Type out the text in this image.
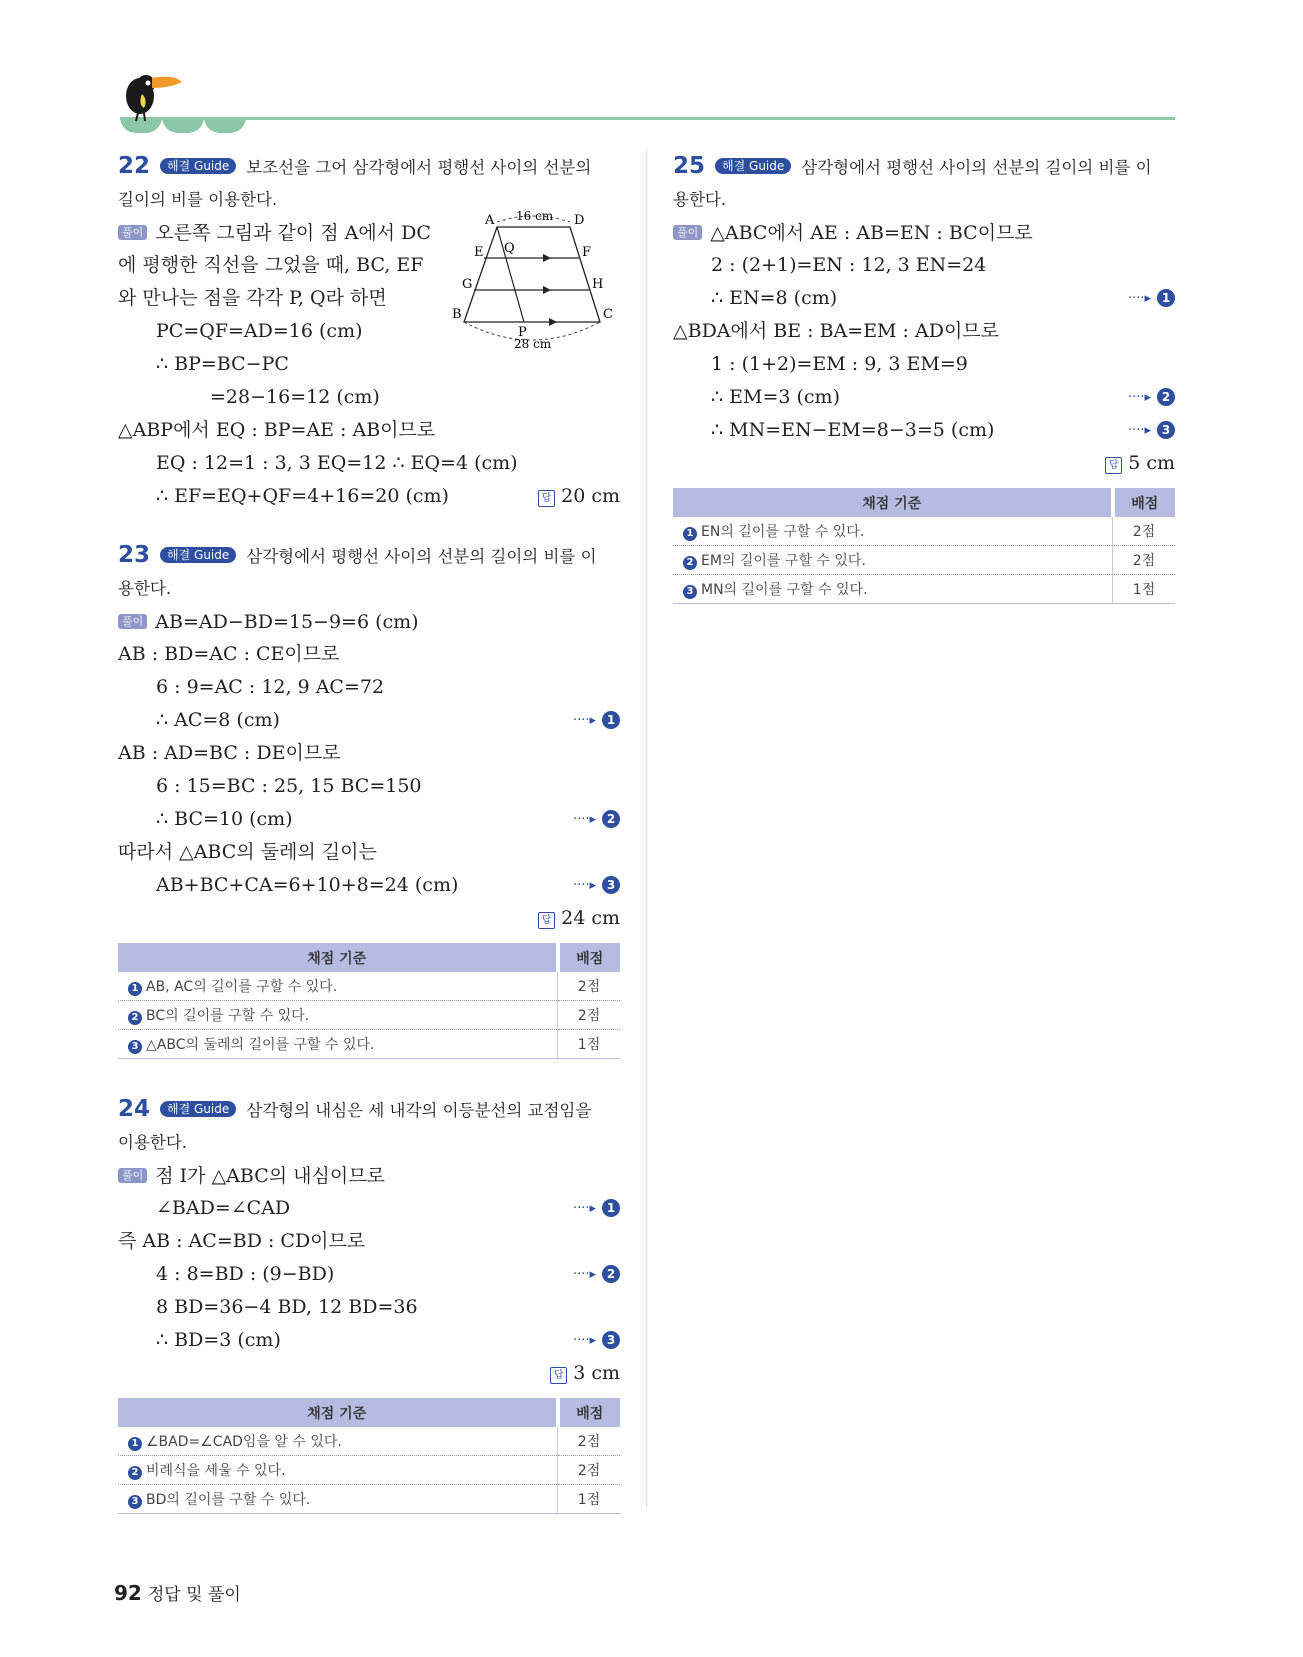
22 해결 Guide 보조선을 그어 삼각형에서 평행선 사이의 선분의
길이의 비를 이용한다.
풀이 오른쪽 그림과 같이 점 A에서 DC
에 평행한 직선을 그었을 때, BC, EF
와 만나는 점을 각각 P, Q라 하면
PC=QF=AD=16 (cm)
∴ BP=BC−PC
=28−16=12 (cm)
△ABP에서 EQ : BP=AE : AB이므로
EQ : 12=1 : 3, 3 EQ=12 ∴ EQ=4 (cm)
∴ EF=EQ+QF=4+16=20 (cm)	답 20 cm
23 해결 Guide 삼각형에서 평행선 사이의 선분의 길이의 비를 이
용한다.
풀이 AB=AD−BD=15−9=6 (cm)
AB : BD=AC : CE이므로
6 : 9=AC : 12, 9 AC=72
∴ AC=8 (cm)	····▸ 1
AB : AD=BC : DE이므로
6 : 15=BC : 25, 15 BC=150
∴ BC=10 (cm)	····▸ 2
따라서 △ABC의 둘레의 길이는
AB+BC+CA=6+10+8=24 (cm)	····▸ 3
답 24 cm
채점 기준	배점
1 AB, AC의 길이를 구할 수 있다.	2점
2 BC의 길이를 구할 수 있다.	2점
3 △ABC의 둘레의 길이를 구할 수 있다.	1점
24 해결 Guide 삼각형의 내심은 세 내각의 이등분선의 교점임을
이용한다.
풀이 점 I가 △ABC의 내심이므로
∠BAD=∠CAD	····▸ 1
즉 AB : AC=BD : CD이므로
4 : 8=BD : (9−BD)	····▸ 2
8 BD=36−4 BD, 12 BD=36
∴ BD=3 (cm)	····▸ 3
답 3 cm
채점 기준	배점
1 ∠BAD=∠CAD임을 알 수 있다.	2점
2 비례식을 세울 수 있다.	2점
3 BD의 길이를 구할 수 있다.	1점
A	D
E Q	F
G	H
B
P
C
16 cm
28 cm
25 해결 Guide 삼각형에서 평행선 사이의 선분의 길이의 비를 이
용한다.
풀이 △ABC에서 AE : AB=EN : BC이므로
2 : (2+1)=EN : 12, 3 EN=24
∴ EN=8 (cm)	····▸ 1
△BDA에서 BE : BA=EM : AD이므로
1 : (1+2)=EM : 9, 3 EM=9
∴ EM=3 (cm)	····▸ 2
∴ MN=EN−EM=8−3=5 (cm)	····▸ 3
답 5 cm
채점 기준	배점
1 EN의 길이를 구할 수 있다.	2점
2 EM의 길이를 구할 수 있다.	2점
3 MN의 길이를 구할 수 있다.	1점
92 정답 및 풀이
